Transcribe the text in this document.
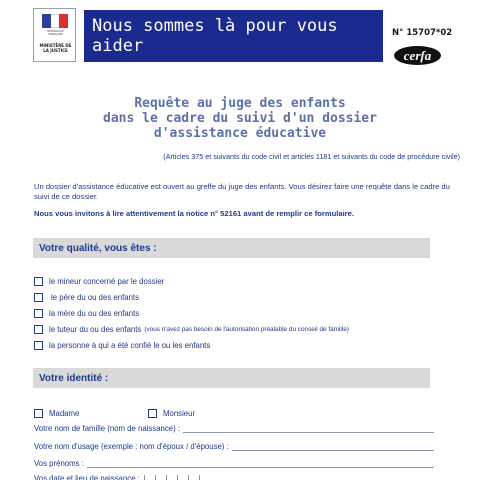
RÉPUBLIQUE FRANÇAISE
MINISTÈRE DE LA JUSTICE
Nous sommes là pour vous aider
N° 15707*02
cerfa
Requête au juge des enfants
dans le cadre du suivi d'un dossier
d'assistance éducative
(Articles 375 et suivants du code civil et articles 1181 et suivants du code de procédure civile)
Un dossier d'assistance éducative est ouvert au greffe du juge des enfants. Vous désirez faire une requête dans le cadre du suivi de ce dossier.
Nous vous invitons à lire attentivement la notice n° 52161 avant de remplir ce formulaire.
Votre qualité, vous êtes :
le mineur concerné par le dossier
le père du ou des enfants
la mère du ou des enfants
le tuteur du ou des enfants (vous n'avez pas besoin de l'autorisation préalable du conseil de famille)
la personne à qui a été confié le ou les enfants
Votre identité :
Madame	Monsieur
Votre nom de famille (nom de naissance) :
Votre nom d'usage (exemple : nom d'époux / d'épouse) :
Vos prénoms :
Vos date et lieu de naissance :
